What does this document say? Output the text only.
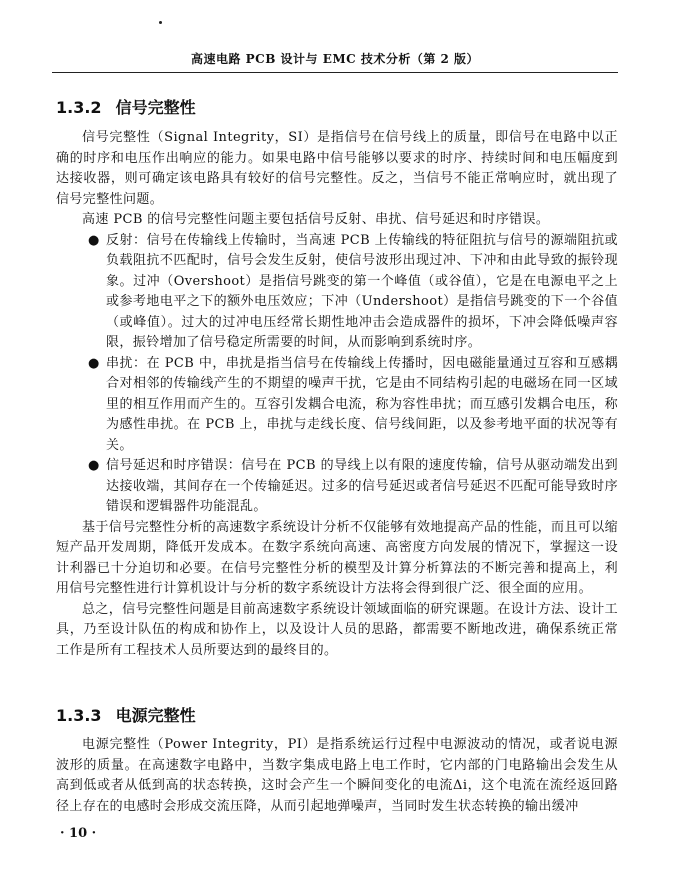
高速电路 PCB 设计与 EMC 技术分析（第 2 版）
1.3.2 信号完整性

信号完整性（Signal Integrity，SI）是指信号在信号线上的质量，即信号在电路中以正确的时序和电压作出响应的能力。如果电路中信号能够以要求的时序、持续时间和电压幅度到达接收器，则可确定该电路具有较好的信号完整性。反之，当信号不能正常响应时，就出现了信号完整性问题。

高速 PCB 的信号完整性问题主要包括信号反射、串扰、信号延迟和时序错误。

● 反射：信号在传输线上传输时，当高速 PCB 上传输线的特征阻抗与信号的源端阻抗或负载阻抗不匹配时，信号会发生反射，使信号波形出现过冲、下冲和由此导致的振铃现象。过冲（Overshoot）是指信号跳变的第一个峰值（或谷值），它是在电源电平之上或参考地电平之下的额外电压效应；下冲（Undershoot）是指信号跳变的下一个谷值（或峰值）。过大的过冲电压经常长期性地冲击会造成器件的损坏，下冲会降低噪声容限，振铃增加了信号稳定所需要的时间，从而影响到系统时序。
● 串扰：在 PCB 中，串扰是指当信号在传输线上传播时，因电磁能量通过互容和互感耦合对相邻的传输线产生的不期望的噪声干扰，它是由不同结构引起的电磁场在同一区域里的相互作用而产生的。互容引发耦合电流，称为容性串扰；而互感引发耦合电压，称为感性串扰。在 PCB 上，串扰与走线长度、信号线间距，以及参考地平面的状况等有关。
● 信号延迟和时序错误：信号在 PCB 的导线上以有限的速度传输，信号从驱动端发出到达接收端，其间存在一个传输延迟。过多的信号延迟或者信号延迟不匹配可能导致时序错误和逻辑器件功能混乱。

基于信号完整性分析的高速数字系统设计分析不仅能够有效地提高产品的性能，而且可以缩短产品开发周期，降低开发成本。在数字系统向高速、高密度方向发展的情况下，掌握这一设计利器已十分迫切和必要。在信号完整性分析的模型及计算分析算法的不断完善和提高上，利用信号完整性进行计算机设计与分析的数字系统设计方法将会得到很广泛、很全面的应用。

总之，信号完整性问题是目前高速数字系统设计领域面临的研究课题。在设计方法、设计工具，乃至设计队伍的构成和协作上，以及设计人员的思路，都需要不断地改进，确保系统正常工作是所有工程技术人员所要达到的最终目的。

1.3.3 电源完整性

电源完整性（Power Integrity，PI）是指系统运行过程中电源波动的情况，或者说电源波形的质量。在高速数字电路中，当数字集成电路上电工作时，它内部的门电路输出会发生从高到低或者从低到高的状态转换，这时会产生一个瞬间变化的电流Δi，这个电流在流经返回路径上存在的电感时会形成交流压降，从而引起地弹噪声，当同时发生状态转换的输出缓冲

· 10 ·
